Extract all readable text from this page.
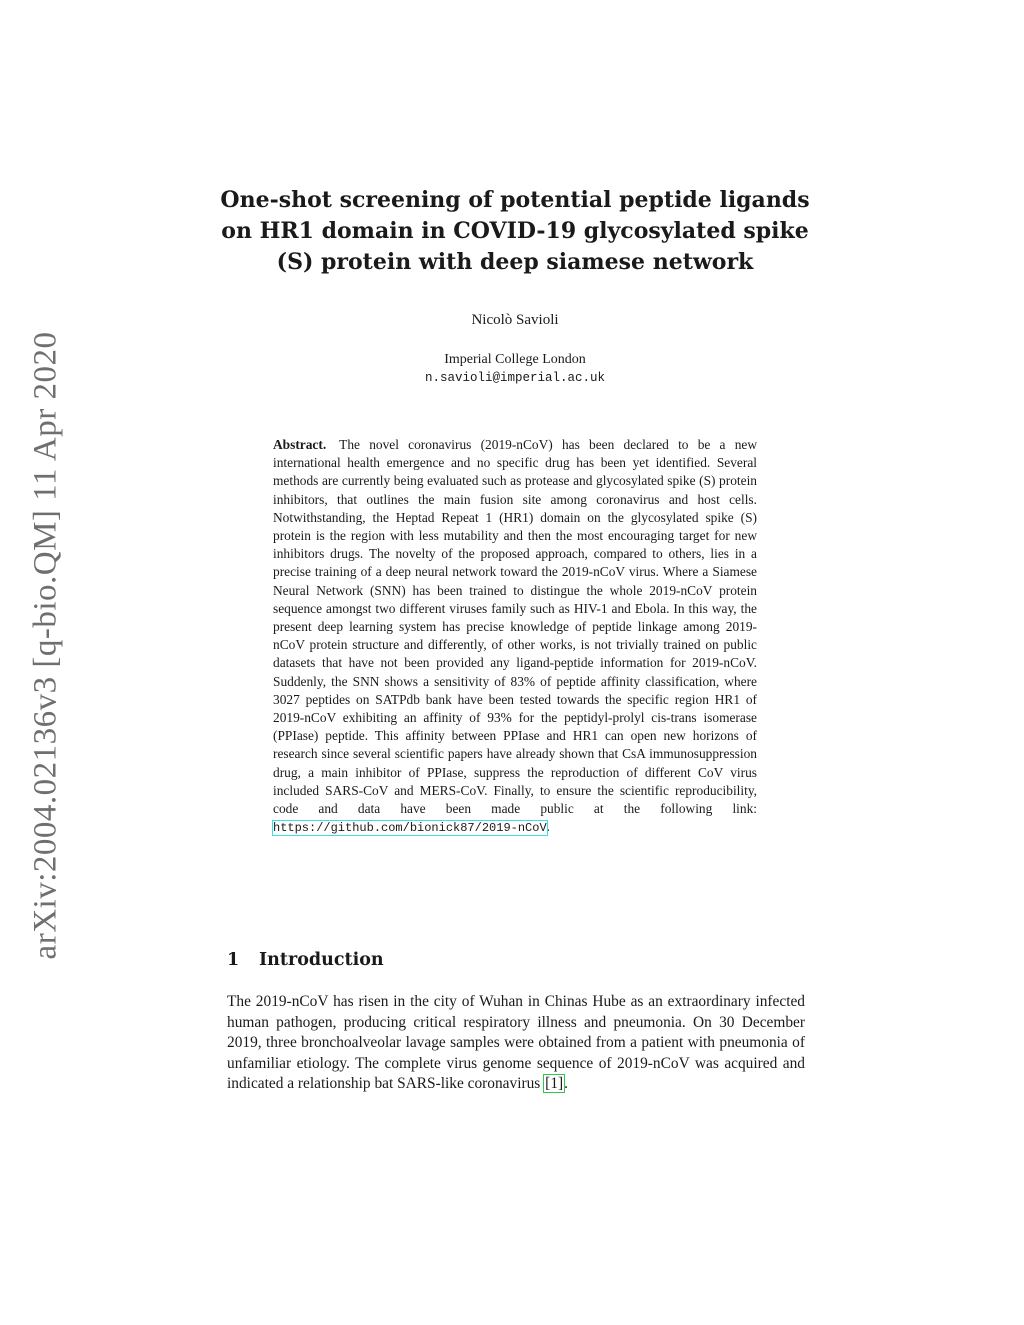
arXiv:2004.02136v3 [q-bio.QM] 11 Apr 2020
One-shot screening of potential peptide ligands
on HR1 domain in COVID-19 glycosylated spike
(S) protein with deep siamese network
Nicolò Savioli
Imperial College London
n.savioli@imperial.ac.uk
Abstract. The novel coronavirus (2019-nCoV) has been declared to be a new international health emergence and no specific drug has been yet identified. Several methods are currently being evaluated such as protease and glycosylated spike (S) protein inhibitors, that outlines the main fusion site among coronavirus and host cells. Notwithstanding, the Heptad Repeat 1 (HR1) domain on the glycosylated spike (S) protein is the region with less mutability and then the most encouraging target for new inhibitors drugs. The novelty of the proposed approach, compared to others, lies in a precise training of a deep neural network toward the 2019-nCoV virus. Where a Siamese Neural Network (SNN) has been trained to distingue the whole 2019-nCoV protein sequence amongst two different viruses family such as HIV-1 and Ebola. In this way, the present deep learning system has precise knowledge of peptide linkage among 2019-nCoV protein structure and differently, of other works, is not trivially trained on public datasets that have not been provided any ligand-peptide information for 2019-nCoV. Suddenly, the SNN shows a sensitivity of 83% of peptide affinity classification, where 3027 peptides on SATPdb bank have been tested towards the specific region HR1 of 2019-nCoV exhibiting an affinity of 93% for the peptidyl-prolyl cis-trans isomerase (PPIase) peptide. This affinity between PPIase and HR1 can open new horizons of research since several scientific papers have already shown that CsA immunosuppression drug, a main inhibitor of PPIase, suppress the reproduction of different CoV virus included SARS-CoV and MERS-CoV. Finally, to ensure the scientific reproducibility, code and data have been made public at the following link: https://github.com/bionick87/2019-nCoV.
1 Introduction
The 2019-nCoV has risen in the city of Wuhan in Chinas Hube as an extraordinary infected human pathogen, producing critical respiratory illness and pneumonia. On 30 December 2019, three bronchoalveolar lavage samples were obtained from a patient with pneumonia of unfamiliar etiology. The complete virus genome sequence of 2019-nCoV was acquired and indicated a relationship bat SARS-like coronavirus [1].
